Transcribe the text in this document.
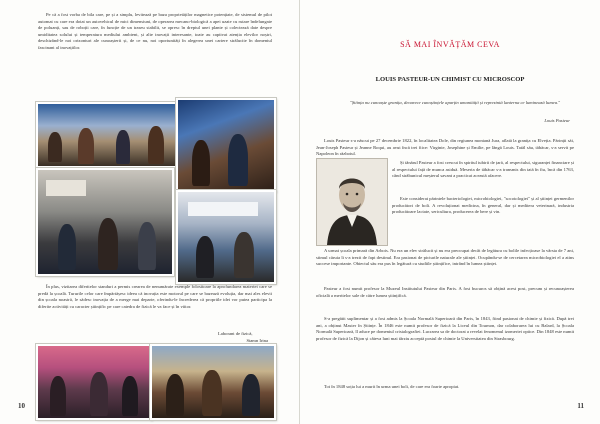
Pe că a fost vorba de bila care, pe și a simplu, levitează pe baza proprietăților magnetice potențiate, de sistemul de pilot automat cu care era dotat un autovehicul de mici dimensiuni, de operarea mecano-biologică a apei uzate cu rutare îndelungate de poluanți, sau de roboții care, în funcție de un traseu stabilit, se opresc în dreptul unei plante și colectează date despre umiditatea solului și temperatura mediului ambient, și alte inovații interesante, toate au captivat atenția elevilor noștri, deschizând-le noi orizonturi ale cunoașterii și, de ce nu, noi oportunități în alegerea unei cariere strălucite în domeniul fascinant al inovațiilor.

În plus, vizitarea diferitelor standuri a permis crearea de nenumărate exemple folositoare la aprofundarea materiei care se predă la școală. Tururile celor care împărtășesc ideea că inovația este motorul pe care se bazează evoluția, dar mai ales elevii din școala noastră, le sădesc inovația de a merge mai departe, oferindu-le încrederea că propriile idei vor putea participa la diferite activități cu caracter științific pe care catedra de fizică le va face și în viitor.

Laborant de fizică,
Stamn Irina
10
SĂ MAI ÎNVĂȚĂM CEVA
LOUIS PASTEUR-UN CHIMIST CU MICROSCOP

"Știința nu cunoaște granița, deoarece cunoștințele aparțin umanității și reprezintă lanterna ce luminează lumea."

Louis Pasteur

Louis Pasteur s-a născut pe 27 decembrie 1822, în localitatea Dole, din regiunea montană Jura, aflată la granița cu Elveția. Părinții săi, Jean-Joseph Pasteur și Jeanne Roqui, au avut încă trei fiice: Virginie, Josephine și Emilie, pe lângă Louis. Tatăl său, tăbăcar, s-a servit pe Napoleon în războiul.

Și tânărul Pasteur a fost crescut în spiritul iubirii de țară, al respectului, siguranței financiare și al respectului față de munca asiduă. Meseria de tăbăcar s-a transmis din tată în fiu, încă din 1763, când străbunicul meșterul savant a practicat această afacere.

Este considerat părintele bacteriologiei, microbiologiei, "socotologiei" și al științei germenilor producători de boli. A revoluționat medicina, în general, dar și meditera veterinară, industria producătoare lactate, sericultura, producerea de bere și vin.

A urmat școala primară din Arbois. Nu era un elev strălucit și nu era preocupat decât de legătura cu bolile infecțioase la vârsta de 7 ani, stimul căruia îi s-a trezit de fapt destinul. Era pasionat de picturile naturale ale științei. Ocupându-se de cercetarea microbiologiei el a atins succese importante. Obiectul său era pus în legătură cu studiile științifice, intrând în lumea științei.

Pasteur a fost numit profesor la Muzeul Institutului Pasteur din Paris. A fost bucuros să obțină acest post, precum și recunoașterea oficială a meritelor sale de către lumea științifică.

S-a pregătit suplimentar și a fost admis la Școala Normală Superioară din Paris, în 1843, fiind pasionat de chimie și fizică. După trei ani, a obținut Master în Științe. În 1846 este numit profesor de fizică la Liceul din Tournon, dar colaborarea lui cu Balard, la Școala Normală Superioară, îl aduce pe domeniul cristalografiei. Lucrarea sa de doctorat a revelat fenomenul izomeriei optice. Din 1848 este numit profesor de fizică la Dijon și câteva luni mai târziu acceptă postul de chimie la Universitatea din Strasbourg.

Tot în 1848 soția lui a murit în urma unei boli, de care era foarte apropiat.

11
